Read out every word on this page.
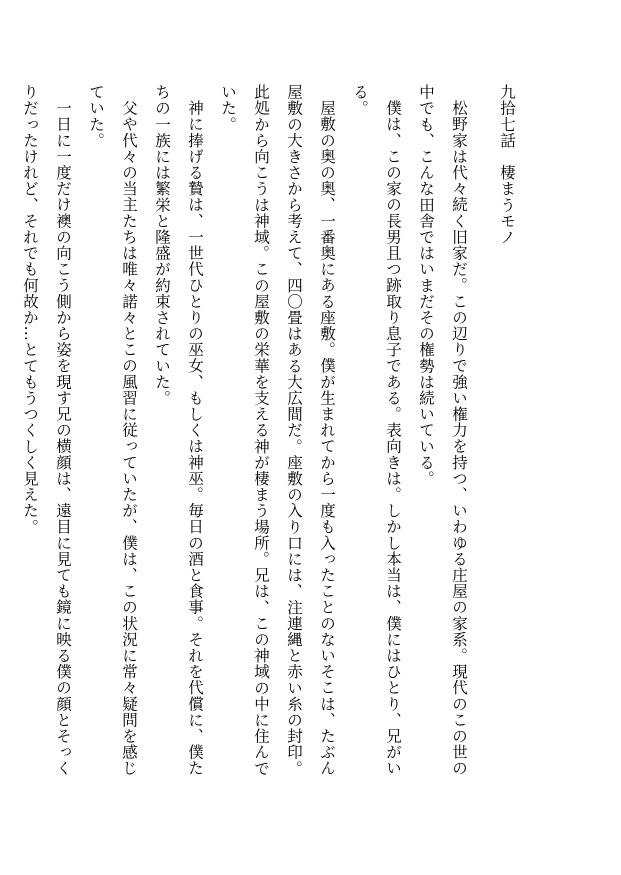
九拾七話　棲まうモノ

松野家は代々続く旧家だ。この辺りで強い権力を持つ、いわゆる庄屋の家系。現代のこの世の中でも、こんな田舎ではいまだその権勢は続いている。

僕は、この家の長男且つ跡取り息子である。表向きは。しかし本当は、僕にはひとり、兄がいる。

屋敷の奥の奥、一番奥にある座敷。僕が生まれてから一度も入ったことのないそこは、たぶん屋敷の大きさから考えて、四〇畳はある大広間だ。座敷の入り口には、注連縄と赤い糸の封印。此処から向こうは神域。この屋敷の栄華を支える神が棲まう場所。兄は、この神域の中に住んでいた。

神に捧げる贄は、一世代ひとりの巫女、もしくは神巫。毎日の酒と食事。それを代償に、僕たちの一族には繁栄と隆盛が約束されていた。

父や代々の当主たちは唯々諾々とこの風習に従っていたが、僕は、この状況に常々疑問を感じていた。

一日に一度だけ襖の向こう側から姿を現す兄の横顔は、遠目に見ても鏡に映る僕の顔とそっくりだったけれど、それでも何故か…とてもうつくしく見えた。
